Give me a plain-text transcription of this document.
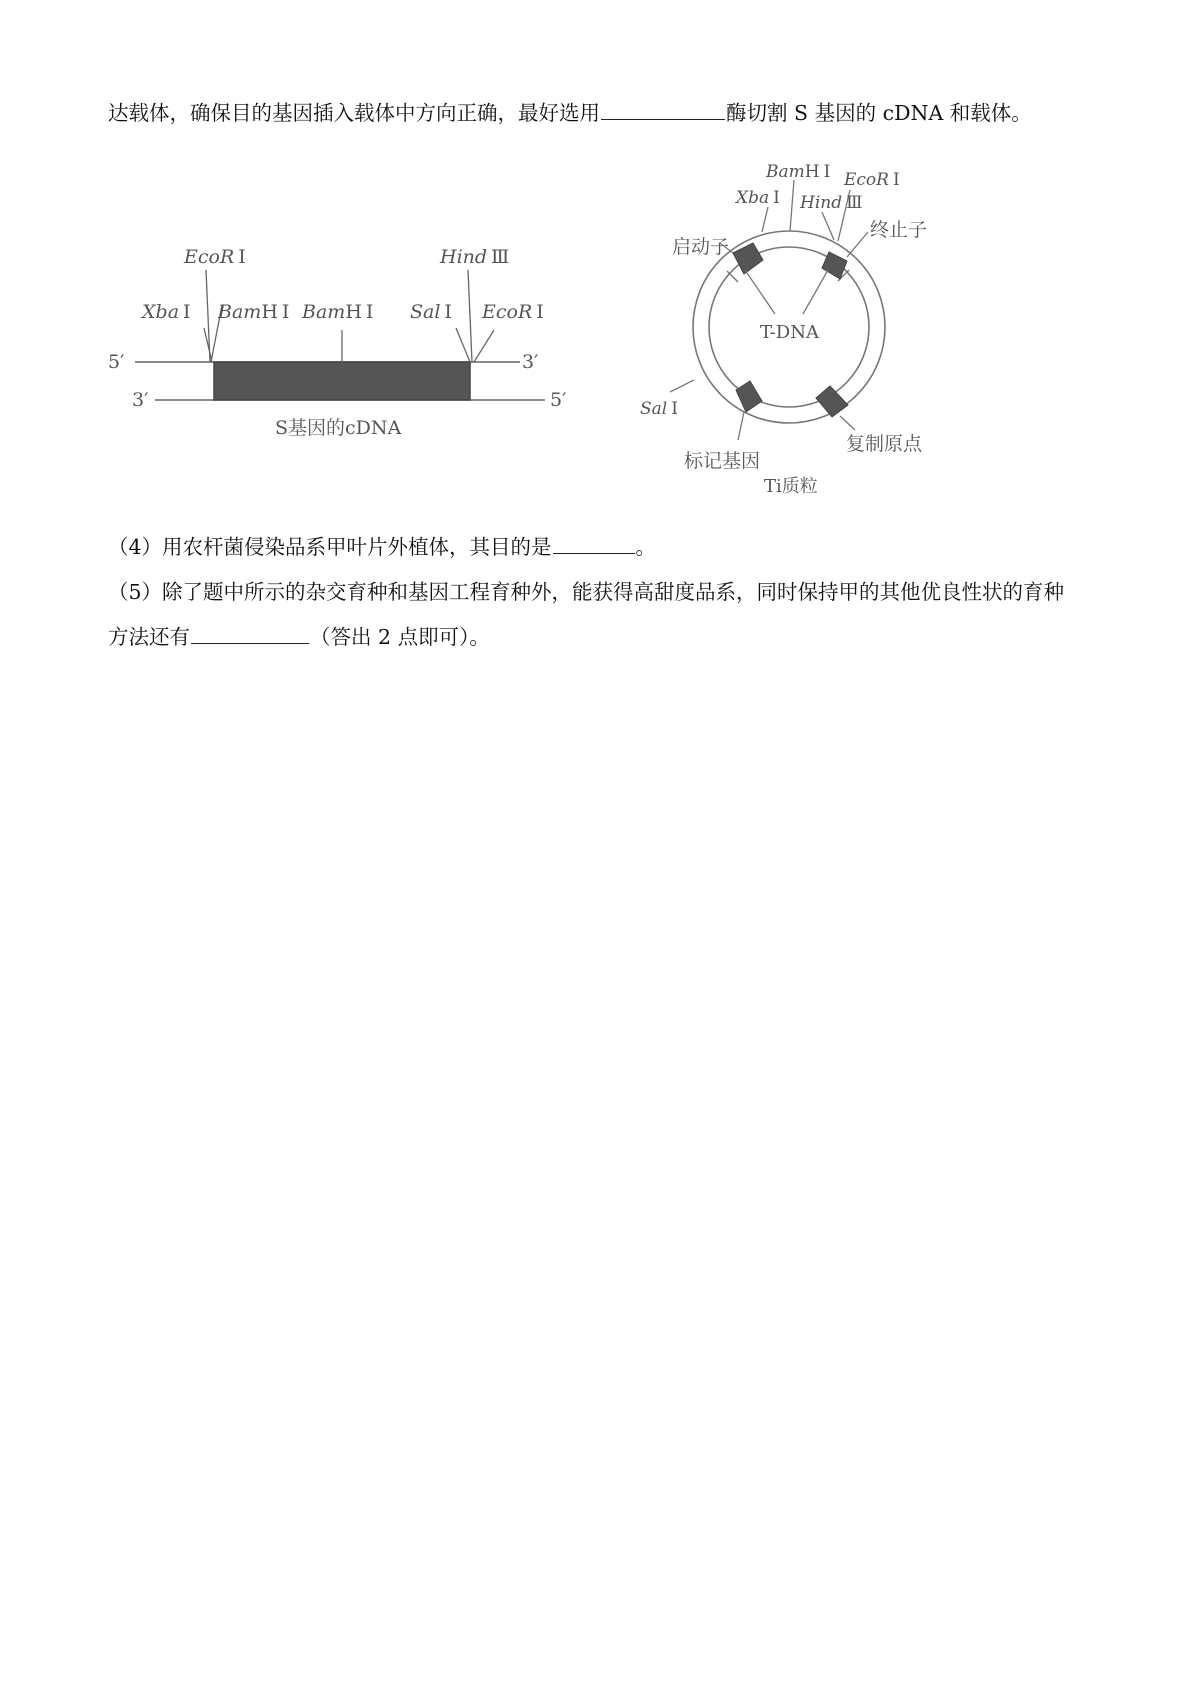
达载体，确保目的基因插入载体中方向正确，最好选用	酶切割 S 基因的 cDNA 和载体。
5′	3′
3′	5′
EcoR Ⅰ
Xba Ⅰ BamH Ⅰ BamH Ⅰ
Hind Ⅲ
Sal Ⅰ EcoR Ⅰ
S基因的cDNA
T-DNA
BamH Ⅰ EcoR Ⅰ
Xba Ⅰ Hind Ⅲ
Sal Ⅰ
启动子
终止子
标记基因
复制原点
Ti质粒
（4）用农杆菌侵染品系甲叶片外植体，其目的是	。
（5）除了题中所示的杂交育种和基因工程育种外，能获得高甜度品系，同时保持甲的其他优良性状的育种
方法还有	（答出 2 点即可）。
